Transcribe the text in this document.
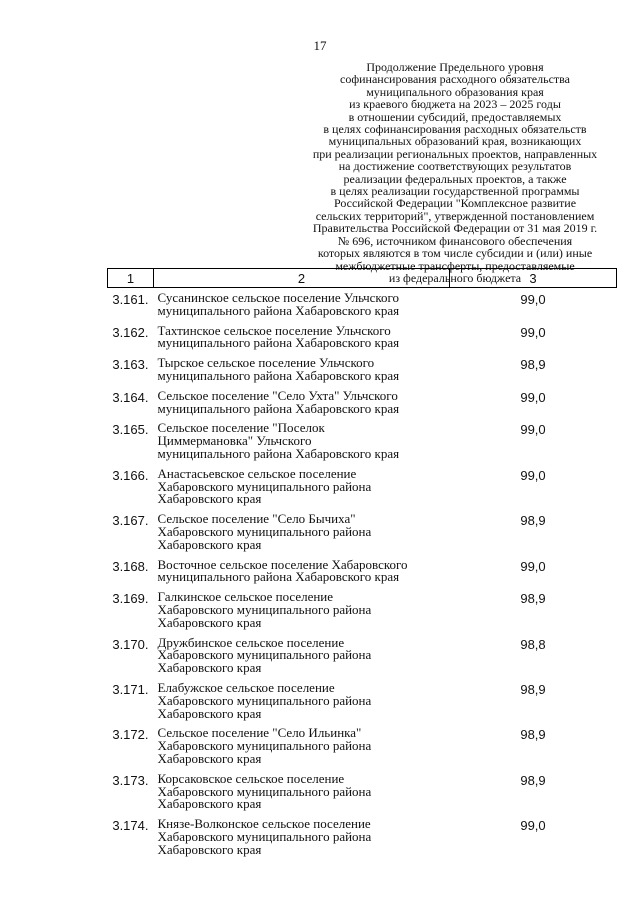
17
Продолжение Предельного уровня
софинансирования расходного обязательства
муниципального образования края
из краевого бюджета на 2023 – 2025 годы
в отношении субсидий, предоставляемых
в целях софинансирования расходных обязательств
муниципальных образований края, возникающих
при реализации региональных проектов, направленных
на достижение соответствующих результатов
реализации федеральных проектов, а также
в целях реализации государственной программы
Российской Федерации "Комплексное развитие
сельских территорий", утвержденной постановлением
Правительства Российской Федерации от 31 мая 2019 г.
№ 696, источником финансового обеспечения
которых являются в том числе субсидии и (или) иные
межбюджетные трансферты, предоставляемые
из федерального бюджета
1	2	3
3.161.	Сусанинское сельское поселение Ульчского
муниципального района Хабаровского края	99,0
3.162.	Тахтинское сельское поселение Ульчского
муниципального района Хабаровского края	99,0
3.163.	Тырское сельское поселение Ульчского
муниципального района Хабаровского края	98,9
3.164.	Сельское поселение "Село Ухта" Ульчского
муниципального района Хабаровского края	99,0
3.165.	Сельское поселение "Поселок
Циммермановка" Ульчского
муниципального района Хабаровского края	99,0
3.166.	Анастасьевское сельское поселение
Хабаровского муниципального района
Хабаровского края	99,0
3.167.	Сельское поселение "Село Бычиха"
Хабаровского муниципального района
Хабаровского края	98,9
3.168.	Восточное сельское поселение Хабаровского
муниципального района Хабаровского края	99,0
3.169.	Галкинское сельское поселение
Хабаровского муниципального района
Хабаровского края	98,9
3.170.	Дружбинское сельское поселение
Хабаровского муниципального района
Хабаровского края	98,8
3.171.	Елабужское сельское поселение
Хабаровского муниципального района
Хабаровского края	98,9
3.172.	Сельское поселение "Село Ильинка"
Хабаровского муниципального района
Хабаровского края	98,9
3.173.	Корсаковское сельское поселение
Хабаровского муниципального района
Хабаровского края	98,9
3.174.	Князе-Волконское сельское поселение
Хабаровского муниципального района
Хабаровского края	99,0
